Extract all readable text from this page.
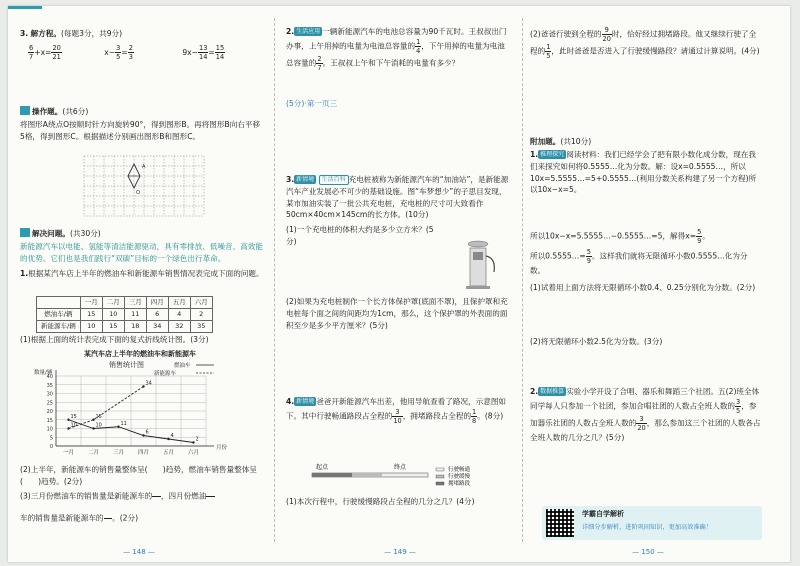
3. 解方程。(每题3分，共9分)

$\frac{6}{7} +x= \frac{20}{21}$	$x- \frac{3}{5} = \frac{2}{3}$	$9x- \frac{13}{14} = \frac{15}{14}$

操作题。(共6分)

将图形A绕点O按顺时针方向旋转90°，得到图形B。再将图形B向右平移5格，得到图形C。根据描述分别画出图形B和图形C。

O
A

解决问题。(共30分)

新能源汽车以电能、氢能等清洁能源驱动，具有零排放、低噪音、高效能的优势。它们也是我们践行“双碳”目标的一个绿色出行革命。

1.根据某汽车店上半年的燃油车和新能源车销售情况表完成下面的问题。

	一月	二月	三月	四月	五月	六月
燃油车/辆	15	10	11	6	4	2
新能源车/辆	10	15	18	34	32	35

(1)根据上面的统计表完成下面的复式折线统计图。(3分)

某汽车店上半年的燃油车和新能源车

销售统计图

0
5
10
15
20
25
30
35
40
数量/辆
月份
一月	二月	三月	四月	五月	六月
燃油车
新能源车
15
10	11
6
4
2
10
15
34

(2)上半年，新能源车的销售量整体呈(　　)趋势，燃油车销售量整体呈(　　)趋势。(2分)

(3)三月份燃油车的销售量是新能源车的

  ，四月份燃油

车的销售量是新能源车的

  。(2分)

— 148 —

2. 生活应用 一辆新能源汽车的电池总容量为90千瓦时。王叔叔出门办事，上午用掉的电量为电池总容量的 $\frac{1}{4}$ ，下午用掉的电量为电池总容量的 $\frac{2}{7}$ 。王叔叔上午和下午消耗的电量有多少？

(5分)·第一页三

3. 新情境 生活百科 充电桩被称为新能源汽车的“加油站”，是新能源汽车产业发展必不可少的基础设施。图“车梦想少”的子思目发现，某市加油实装了一批公共充电桩，充电桩的尺寸可大致看作50cm×40cm×145cm的长方体。(10分)

(1)一个充电桩的体积大约是多少立方米？(5分)

(2)如果为充电桩制作一个长方体保护罩(底面不罩)，且保护罩和充电桩每个面之间的间距均为1cm，那么，这个保护罩的外表面的面积至少是多少平方厘米？(5分)

4. 新情境 爸爸开新能源汽车出差，他用导航查看了路况，示意图如下。其中行驶畅通路段占全程的 $\frac{3}{10}$ ，拥堵路段占全程的 $\frac{1}{8}$ 。(8分)

起点	终点	行驶畅通
行驶缓慢
拥堵路段

(1)本次行程中，行驶缓慢路段占全程的几分之几？(4分)

— 149 —

(2)爸爸行驶到全程的 $\frac{9}{20}$ 时，恰好经过拥堵路段。他又继续行驶了全程的 $\frac{1}{5}$ ，此时爸爸是否进入了行驶缓慢路段？请通过计算说明。(4分)

附加题。(共10分)

1. 推理探究 阅读材料：我们已经学会了把有限小数化成分数，现在我们来探究如何将0.5555…化为分数。解：设x=0.5555…，所以10x=5.5555…=5+0.5555…(利用分数关系构建了另一个方程)所以10x−x=5。

所以10x−x=5.5555…−0.5555…=5，解得$x= \frac{5}{9}$ 。

所以0.5555…= $\frac{5}{9}$ 。这样我们就将无限循环小数0.5555…化为分数。

(1)试着用上面方法将无限循环小数0.4、0.25分别化为分数。(2分)

(2)将无限循环小数2.5化为分数。(3分)

2. 数据推算 实验小学开设了合唱、器乐和舞蹈三个社团。五(2)班全体同学每人只参加一个社团，参加合唱社团的人数占全班人数的 $\frac{3}{5}$ ，参加器乐社团的人数占全班人数的 $\frac{3}{20}$ ，那么参加这三个社团的人数各占全班人数的几分之几？(5分)

学霸自学解析

详细分步解析，进阶巩固知识，更加高效准确！

— 150 —
